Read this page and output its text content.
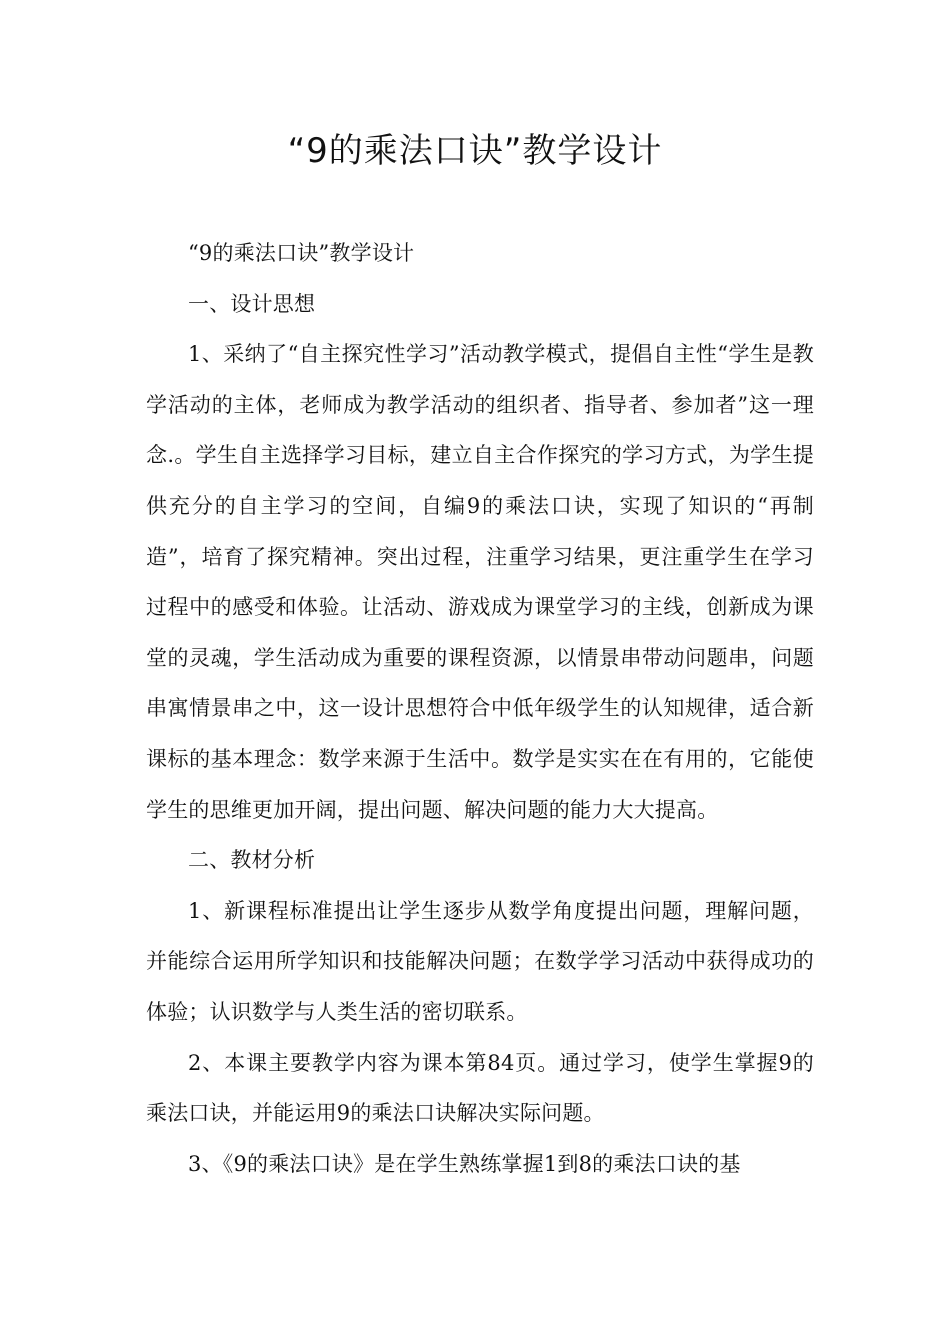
“9的乘法口诀”教学设计

“9的乘法口诀”教学设计

一、设计思想

1、采纳了“自主探究性学习”活动教学模式，提倡自主性“学生是教学活动的主体，老师成为教学活动的组织者、指导者、参加者”这一理念.。学生自主选择学习目标，建立自主合作探究的学习方式，为学生提供充分的自主学习的空间，自编9的乘法口诀，实现了知识的“再制造”，培育了探究精神。突出过程，注重学习结果，更注重学生在学习过程中的感受和体验。让活动、游戏成为课堂学习的主线，创新成为课堂的灵魂，学生活动成为重要的课程资源，以情景串带动问题串，问题串寓情景串之中，这一设计思想符合中低年级学生的认知规律，适合新课标的基本理念：数学来源于生活中。数学是实实在在有用的，它能使学生的思维更加开阔，提出问题、解决问题的能力大大提高。

二、教材分析

1、新课程标准提出让学生逐步从数学角度提出问题，理解问题，并能综合运用所学知识和技能解决问题；在数学学习活动中获得成功的体验；认识数学与人类生活的密切联系。

2、本课主要教学内容为课本第84页。通过学习，使学生掌握9的乘法口诀，并能运用9的乘法口诀解决实际问题。

3、《9的乘法口诀》是在学生熟练掌握1到8的乘法口诀的基
